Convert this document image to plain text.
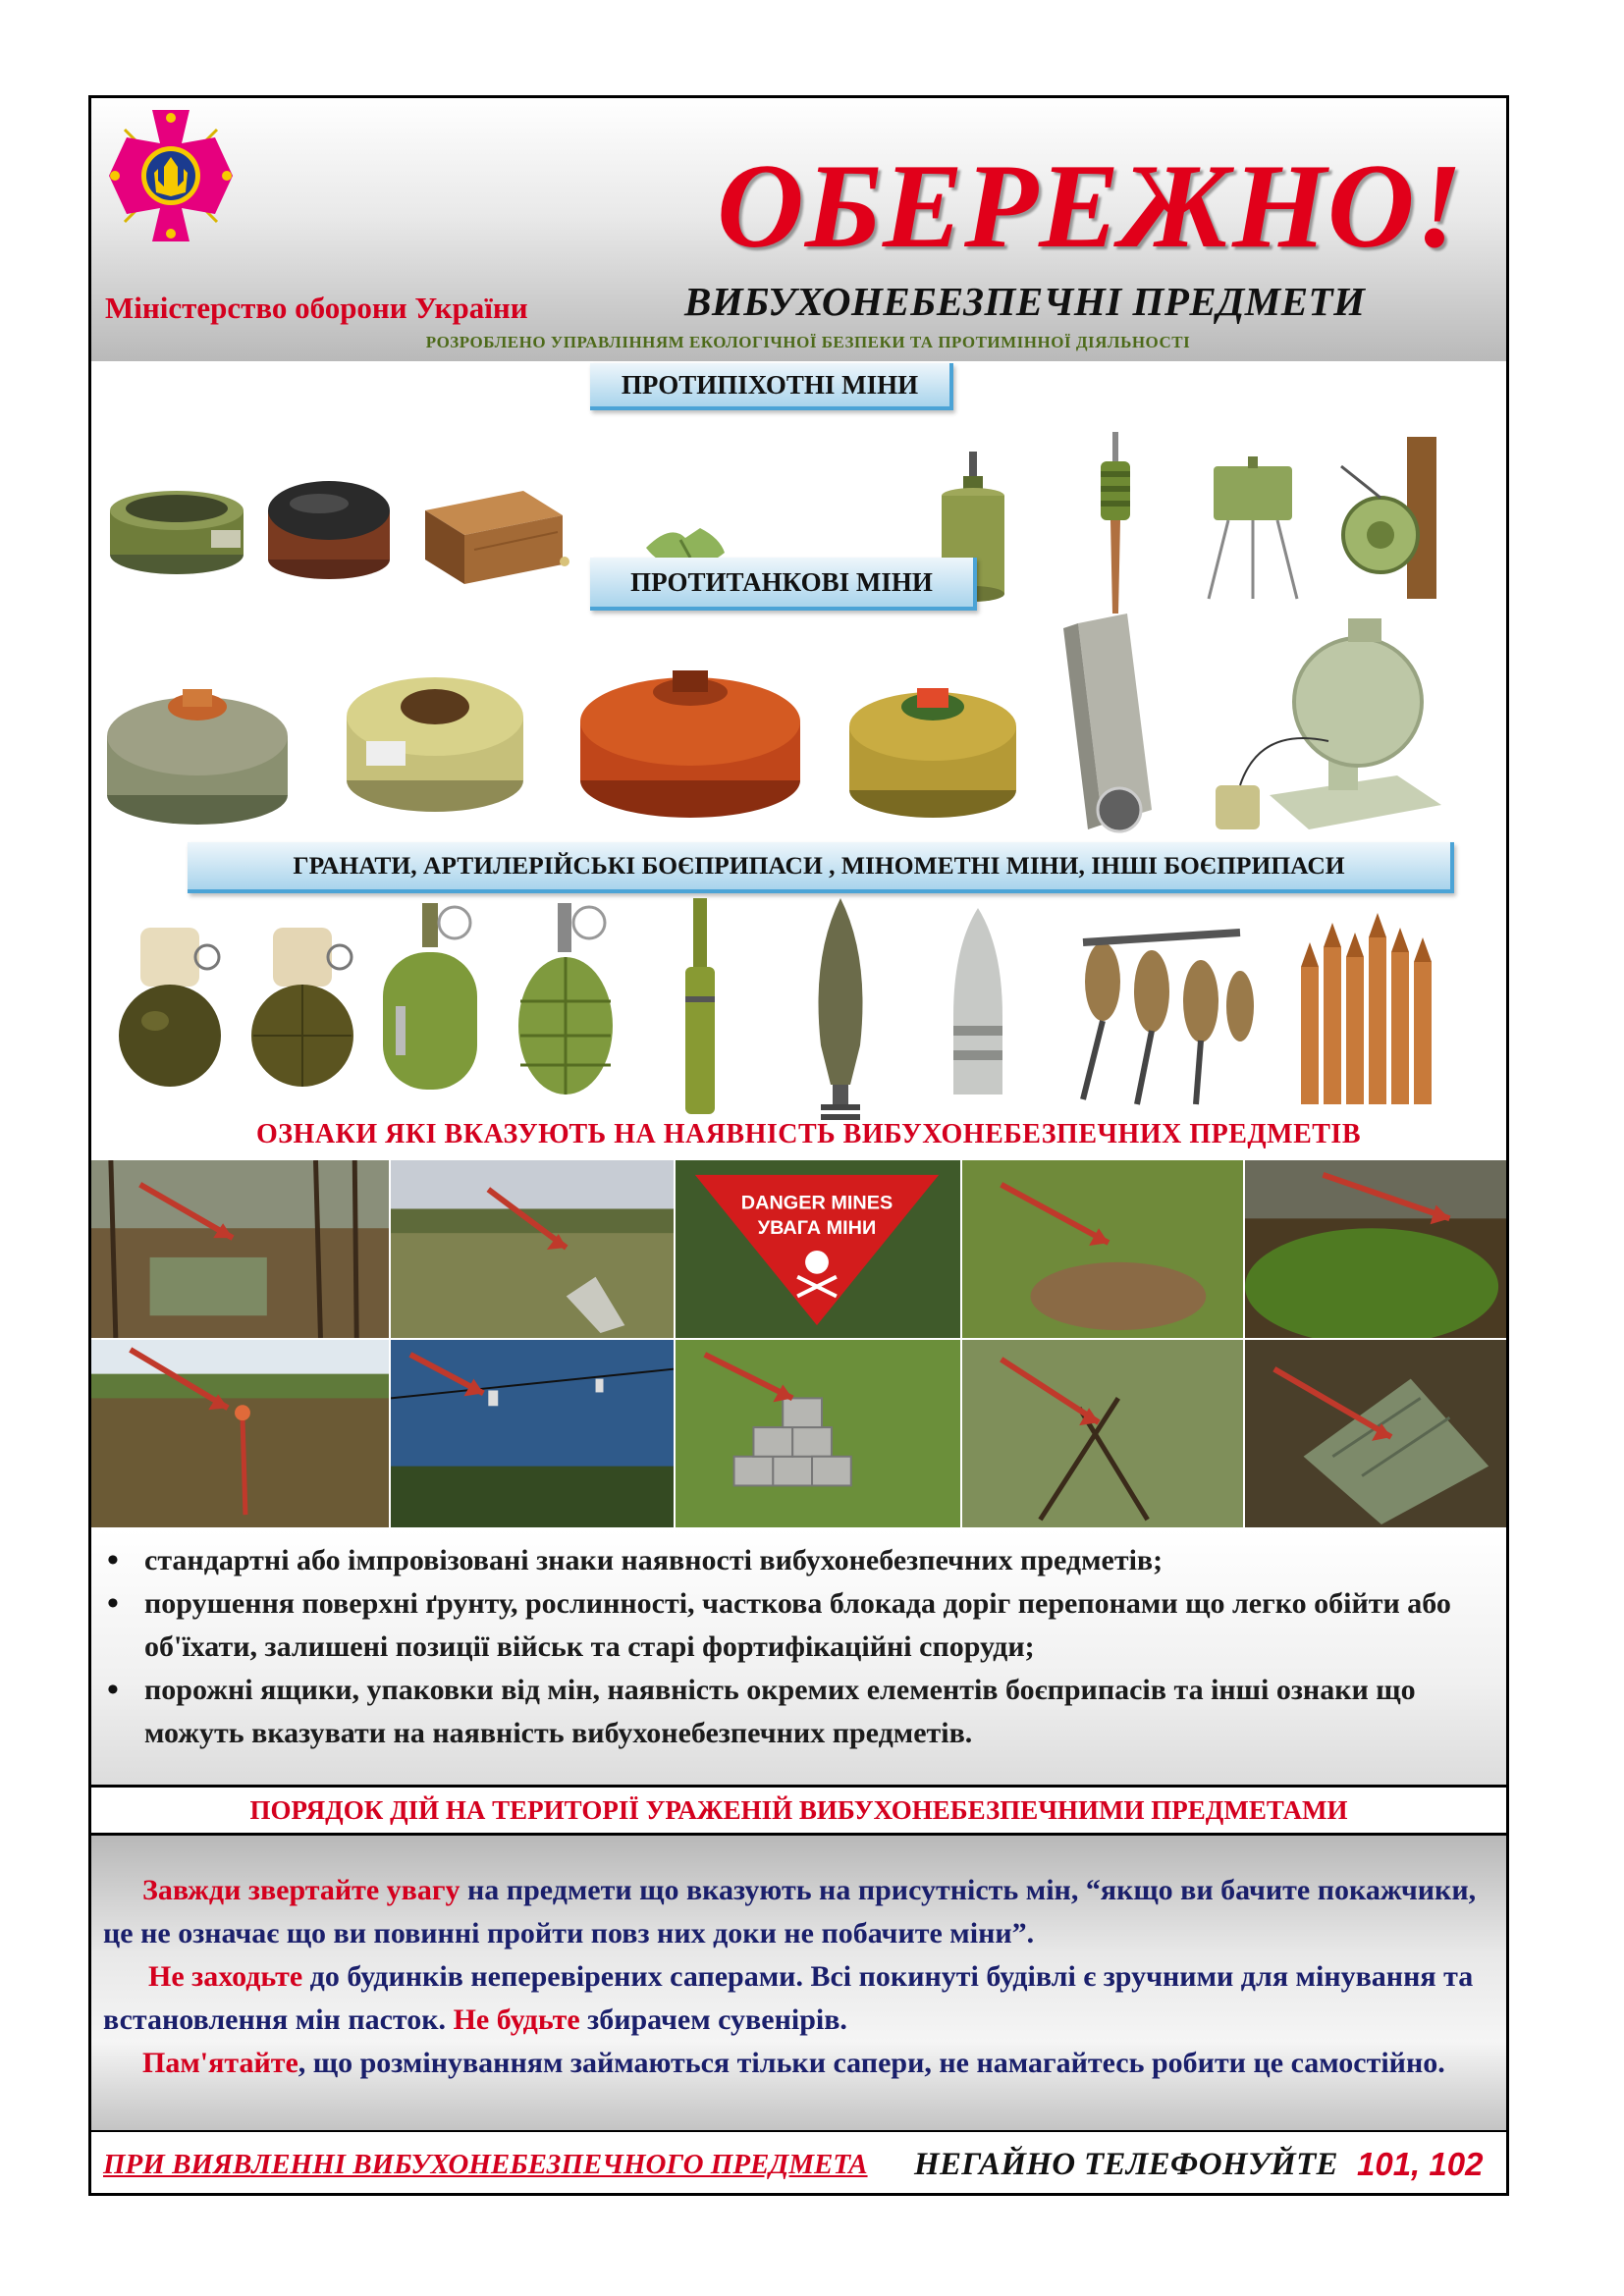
Міністерство оборони України
ОБЕРЕЖНО!
ВИБУХОНЕБЕЗПЕЧНІ ПРЕДМЕТИ
РОЗРОБЛЕНО УПРАВЛІННЯМ ЕКОЛОГІЧНОЇ БЕЗПЕКИ ТА ПРОТИМІННОЇ ДІЯЛЬНОСТІ
ПРОТИПІХОТНІ МІНИ
ПРОТИТАНКОВІ МІНИ
ГРАНАТИ, АРТИЛЕРІЙСЬКІ БОЄПРИПАСИ , МІНОМЕТНІ МІНИ, ІНШІ БОЄПРИПАСИ
ОЗНАКИ ЯКІ ВКАЗУЮТЬ НА НАЯВНІСТЬ ВИБУХОНЕБЕЗПЕЧНИХ ПРЕДМЕТІВ
DANGER MINES
УВАГА МІНИ
• стандартні або імпровізовані знаки наявності вибухонебезпечних предметів;
• порушення поверхні ґрунту, рослинності, часткова блокада доріг перепонами що легко обійти або об'їхати, залишені позиції військ та старі фортифікаційні споруди;
• порожні ящики, упаковки від мін, наявність окремих елементів боєприпасів та інші ознаки що можуть вказувати на наявність вибухонебезпечних предметів.
ПОРЯДОК ДІЙ НА ТЕРИТОРІЇ УРАЖЕНІЙ ВИБУХОНЕБЕЗПЕЧНИМИ ПРЕДМЕТАМИ

Завжди звертайте увагу на предмети що вказують на присутність мін, “якщо ви бачите покажчики, це не означає що ви повинні пройти повз них доки не побачите міни”.

Не заходьте до будинків неперевірених саперами. Всі покинуті будівлі є зручними для мінування та встановлення мін пасток. Не будьте збирачем сувенірів.

Пам'ятайте, що розмінуванням займаються тільки сапери, не намагайтесь робити це самостійно.

ПРИ ВИЯВЛЕННІ ВИБУХОНЕБЕЗПЕЧНОГО ПРЕДМЕТА НЕГАЙНО ТЕЛЕФОНУЙТЕ 101, 102
